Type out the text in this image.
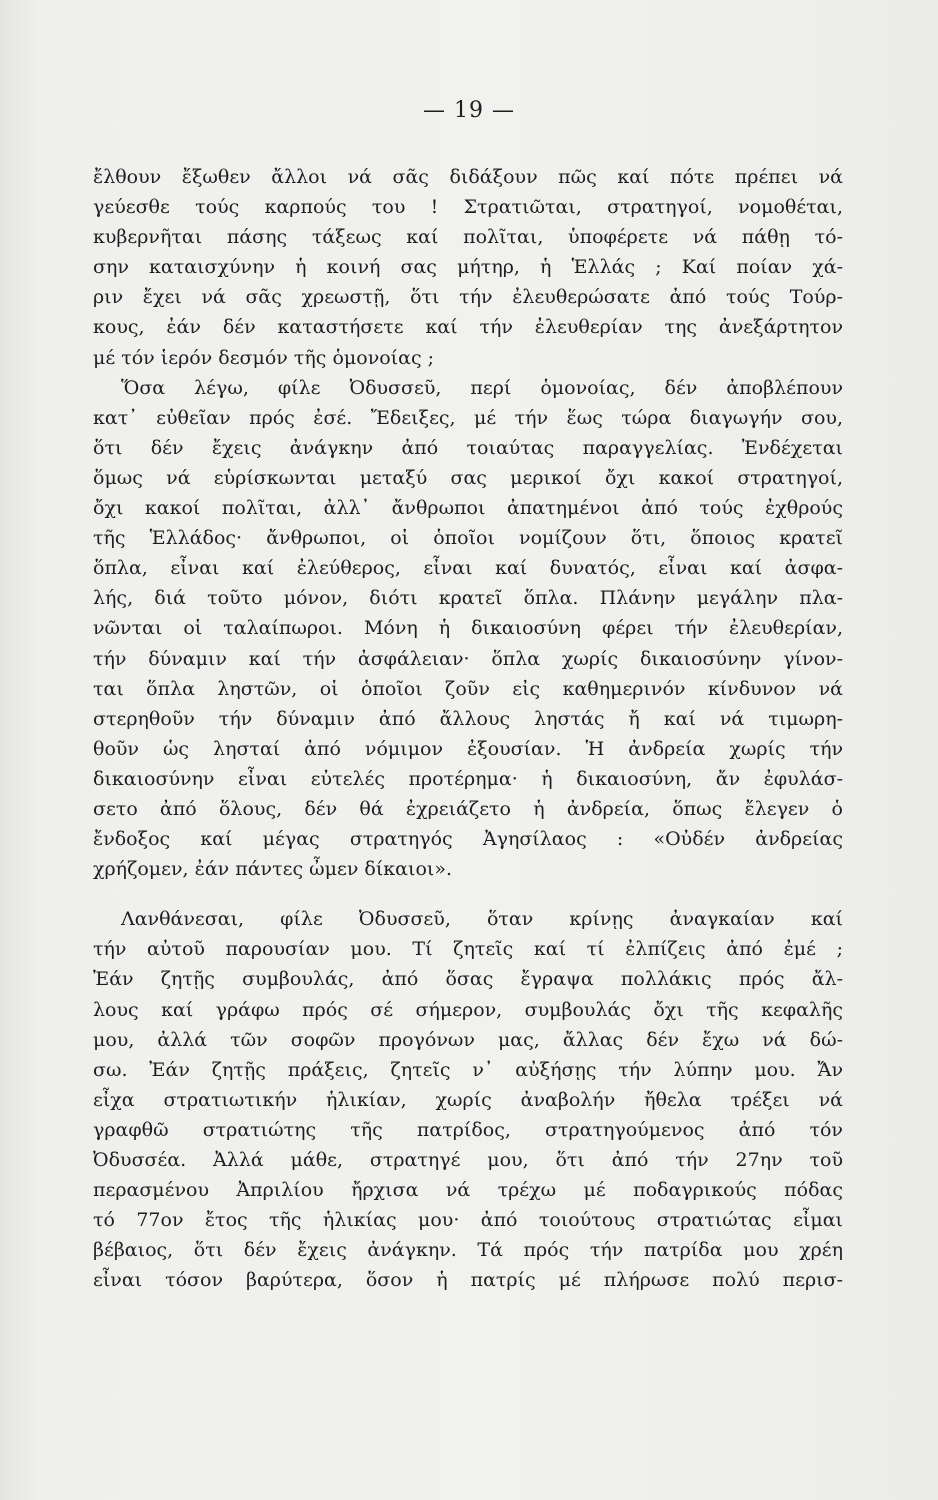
— 19 —
ἔλθουν ἔξωθεν ἄλλοι νά σᾶς διδάξουν πῶς καί πότε πρέπει νά
γεύεσθε τούς καρπούς του ! Στρατιῶται, στρατηγοί, νομοθέται,
κυβερνῆται πάσης τάξεως καί πολῖται, ὑποφέρετε νά πάθῃ τό-
σην καταισχύνην ἡ κοινή σας μήτηρ, ἡ Ἑλλάς ; Καί ποίαν χά-
ριν ἔχει νά σᾶς χρεωστῇ, ὅτι τήν ἐλευθερώσατε ἀπό τούς Τούρ-
κους, ἐάν δέν καταστήσετε καί τήν ἐλευθερίαν της ἀνεξάρτητον
μέ τόν ἱερόν δεσμόν τῆς ὁμονοίας ;
Ὅσα λέγω, φίλε Ὀδυσσεῦ, περί ὁμονοίας, δέν ἀποβλέπουν
κατ᾿ εὐθεῖαν πρός ἐσέ. Ἔδειξες, μέ τήν ἕως τώρα διαγωγήν σου,
ὅτι δέν ἔχεις ἀνάγκην ἀπό τοιαύτας παραγγελίας. Ἐνδέχεται
ὅμως νά εὑρίσκωνται μεταξύ σας μερικοί ὄχι κακοί στρατηγοί,
ὄχι κακοί πολῖται, ἀλλ᾿ ἄνθρωποι ἀπατημένοι ἀπό τούς ἐχθρούς
τῆς Ἑλλάδος· ἄνθρωποι, οἱ ὁποῖοι νομίζουν ὅτι, ὅποιος κρατεῖ
ὅπλα, εἶναι καί ἐλεύθερος, εἶναι καί δυνατός, εἶναι καί ἀσφα-
λής, διά τοῦτο μόνον, διότι κρατεῖ ὅπλα. Πλάνην μεγάλην πλα-
νῶνται οἱ ταλαίπωροι. Μόνη ἡ δικαιοσύνη φέρει τήν ἐλευθερίαν,
τήν δύναμιν καί τήν ἀσφάλειαν· ὅπλα χωρίς δικαιοσύνην γίνον-
ται ὅπλα ληστῶν, οἱ ὁποῖοι ζοῦν εἰς καθημερινόν κίνδυνον νά
στερηθοῦν τήν δύναμιν ἀπό ἄλλους ληστάς ἤ καί νά τιμωρη-
θοῦν ὡς λησταί ἀπό νόμιμον ἐξουσίαν. Ἡ ἀνδρεία χωρίς τήν
δικαιοσύνην εἶναι εὐτελές προτέρημα· ἡ δικαιοσύνη, ἄν ἐφυλάσ-
σετο ἀπό ὅλους, δέν θά ἐχρειάζετο ἡ ἀνδρεία, ὅπως ἔλεγεν ὁ
ἔνδοξος καί μέγας στρατηγός Ἀγησίλαος : «Οὐδέν ἀνδρείας
χρήζομεν, ἐάν πάντες ὦμεν δίκαιοι».
Λανθάνεσαι, φίλε Ὀδυσσεῦ, ὅταν κρίνῃς ἀναγκαίαν καί
τήν αὐτοῦ παρουσίαν μου. Τί ζητεῖς καί τί ἐλπίζεις ἀπό ἐμέ ;
Ἐάν ζητῇς συμβουλάς, ἀπό ὅσας ἔγραψα πολλάκις πρός ἄλ-
λους καί γράφω πρός σέ σήμερον, συμβουλάς ὄχι τῆς κεφαλῆς
μου, ἀλλά τῶν σοφῶν προγόνων μας, ἄλλας δέν ἔχω νά δώ-
σω. Ἐάν ζητῇς πράξεις, ζητεῖς ν᾿ αὐξήσῃς τήν λύπην μου. Ἄν
εἶχα στρατιωτικήν ἡλικίαν, χωρίς ἀναβολήν ἤθελα τρέξει νά
γραφθῶ στρατιώτης τῆς πατρίδος, στρατηγούμενος ἀπό τόν
Ὀδυσσέα. Ἀλλά μάθε, στρατηγέ μου, ὅτι ἀπό τήν 27ην τοῦ
περασμένου Ἀπριλίου ἤρχισα νά τρέχω μέ ποδαγρικούς πόδας
τό 77ον ἔτος τῆς ἡλικίας μου· ἀπό τοιούτους στρατιώτας εἶμαι
βέβαιος, ὅτι δέν ἔχεις ἀνάγκην. Τά πρός τήν πατρίδα μου χρέη
εἶναι τόσον βαρύτερα, ὅσον ἡ πατρίς μέ πλήρωσε πολύ περισ-
